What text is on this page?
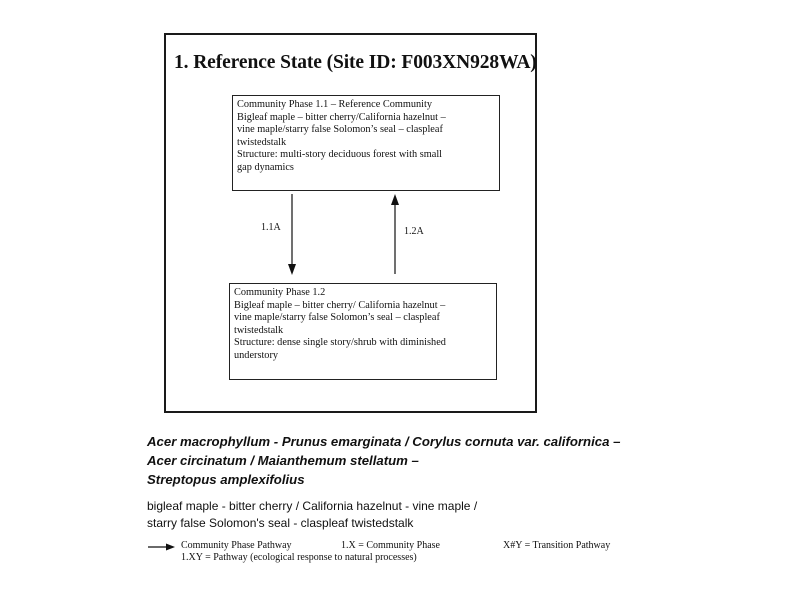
1. Reference State (Site ID: F003XN928WA)
Community Phase 1.1 – Reference Community
Bigleaf maple – bitter cherry/California hazelnut –
vine maple/starry false Solomon’s seal – claspleaf
twistedstalk
Structure: multi-story deciduous forest with small
gap dynamics
Community Phase 1.2
Bigleaf maple – bitter cherry/ California hazelnut –
vine maple/starry false Solomon’s seal – claspleaf
twistedstalk
Structure: dense single story/shrub with diminished
understory
1.1A	1.2A
Acer macrophyllum - Prunus emarginata / Corylus cornuta var. californica –
Acer circinatum / Maianthemum stellatum –
Streptopus amplexifolius
bigleaf maple - bitter cherry / California hazelnut - vine maple /
starry false Solomon's seal - claspleaf twistedstalk
Community Phase Pathway	1.X = Community Phase	X#Y = Transition Pathway
1.XY = Pathway (ecological response to natural processes)
